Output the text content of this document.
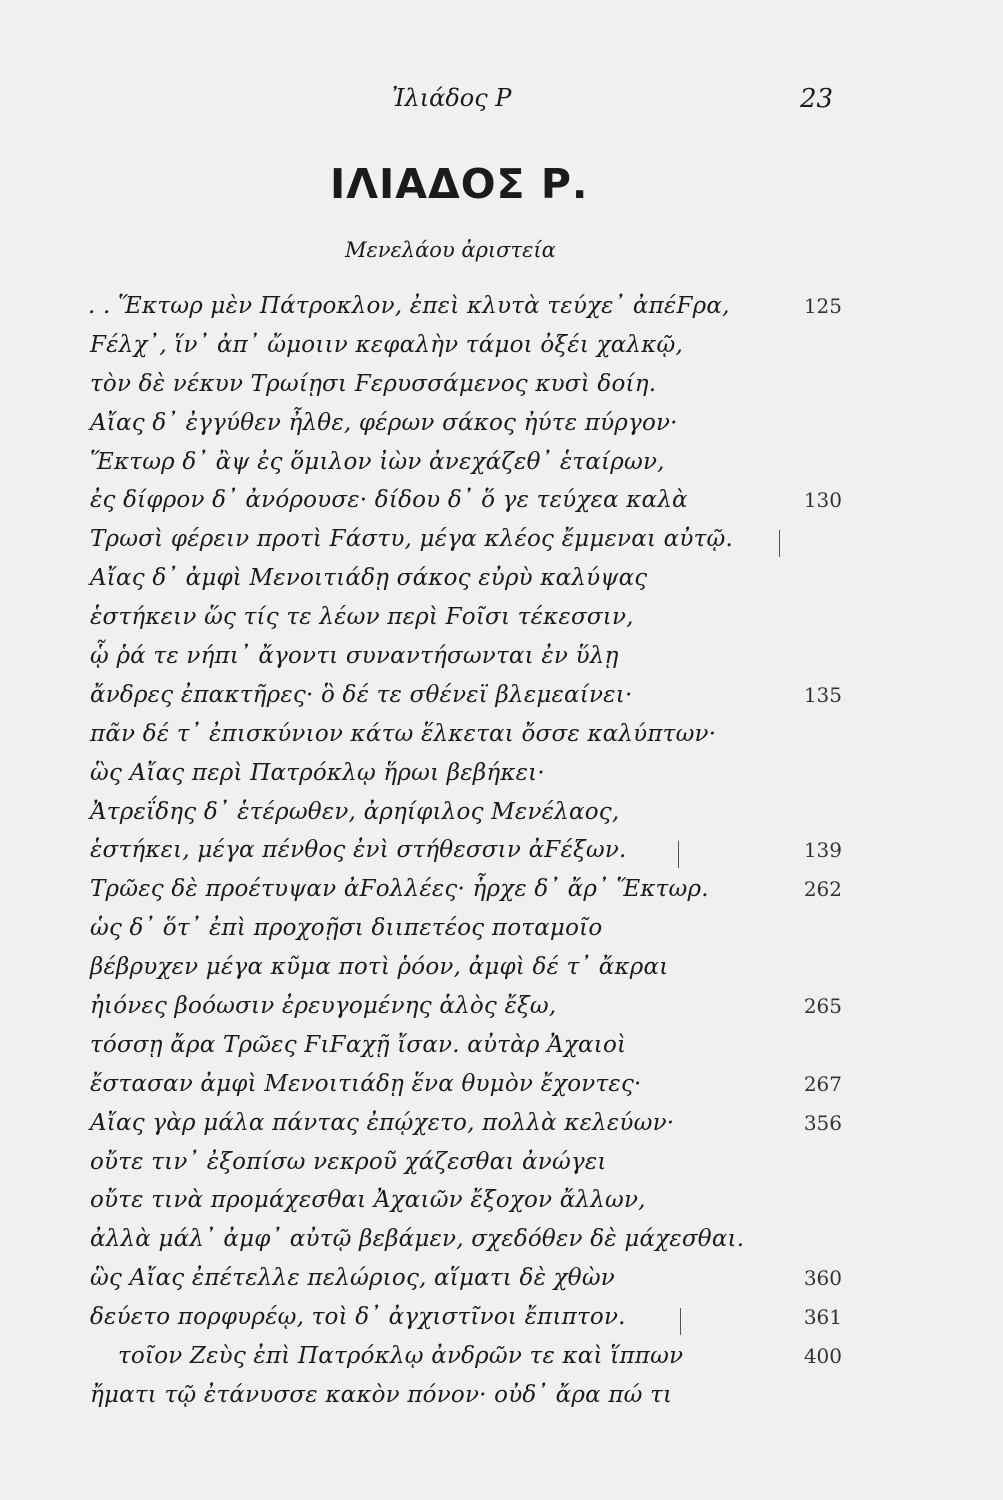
Ἰλιάδος Ρ	23
ΙΛΙΑΔΟΣ Ρ.
Μενελάου ἀριστεία
. . Ἕκτωρ μὲν Πάτροκλον, ἐπεὶ κλυτὰ τεύχε᾽ ἀπέϜρα,	125
Ϝέλχ᾽, ἵν᾽ ἀπ᾽ ὤμοιιν κεφαλὴν τάμοι ὀξέι χαλκῷ,
τὸν δὲ νέκυν Τρωίῃσι Ϝερυσσάμενος κυσὶ δοίη.
Αἴας δ᾽ ἐγγύθεν ἦλθε, φέρων σάκος ἠύτε πύργον·
Ἕκτωρ δ᾽ ἂψ ἐς ὅμιλον ἰὼν ἀνεχάζεθ᾽ ἑταίρων,
ἐς δίφρον δ᾽ ἀνόρουσε· δίδου δ᾽ ὅ γε τεύχεα καλὰ	130
Τρωσὶ φέρειν προτὶ Ϝάστυ, μέγα κλέος ἔμμεναι αὐτῷ.
Αἴας δ᾽ ἀμφὶ Μενοιτιάδῃ σάκος εὐρὺ καλύψας
ἑστήκειν ὥς τίς τε λέων περὶ Ϝοῖσι τέκεσσιν,
ᾧ ῥά τε νήπι᾽ ἄγοντι συναντήσωνται ἐν ὕλῃ
ἄνδρες ἐπακτῆρες· ὃ δέ τε σθένεϊ βλεμεαίνει·	135
πᾶν δέ τ᾽ ἐπισκύνιον κάτω ἕλκεται ὄσσε καλύπτων·
ὣς Αἴας περὶ Πατρόκλῳ ἥρωι βεβήκει·
Ἀτρεΐδης δ᾽ ἑτέρωθεν, ἀρηίφιλος Μενέλαος,
ἑστήκει, μέγα πένθος ἐνὶ στήθεσσιν ἀϜέξων.	139
Τρῶες δὲ προέτυψαν ἀϜολλέες· ἦρχε δ᾽ ἄρ᾽ Ἕκτωρ.	262
ὡς δ᾽ ὅτ᾽ ἐπὶ προχοῇσι διιπετέος ποταμοῖο
βέβρυχεν μέγα κῦμα ποτὶ ῥόον, ἀμφὶ δέ τ᾽ ἄκραι
ἠιόνες βοόωσιν ἐρευγομένης ἁλὸς ἔξω,	265
τόσσῃ ἄρα Τρῶες ϜιϜαχῇ ἴσαν. αὐτὰρ Ἀχαιοὶ
ἔστασαν ἀμφὶ Μενοιτιάδῃ ἕνα θυμὸν ἔχοντες·	267
Αἴας γὰρ μάλα πάντας ἐπῴχετο, πολλὰ κελεύων·	356
οὔτε τιν᾽ ἐξοπίσω νεκροῦ χάζεσθαι ἀνώγει
οὔτε τινὰ προμάχεσθαι Ἀχαιῶν ἔξοχον ἄλλων,
ἀλλὰ μάλ᾽ ἀμφ᾽ αὐτῷ βεβάμεν, σχεδόθεν δὲ μάχεσθαι.
ὣς Αἴας ἐπέτελλε πελώριος, αἵματι δὲ χθὼν	360
δεύετο πορφυρέῳ, τοὶ δ᾽ ἀγχιστῖνοι ἔπιπτον.	361
τοῖον Ζεὺς ἐπὶ Πατρόκλῳ ἀνδρῶν τε καὶ ἵππων	400
ἤματι τῷ ἐτάνυσσε κακὸν πόνον· οὐδ᾽ ἄρα πώ τι
